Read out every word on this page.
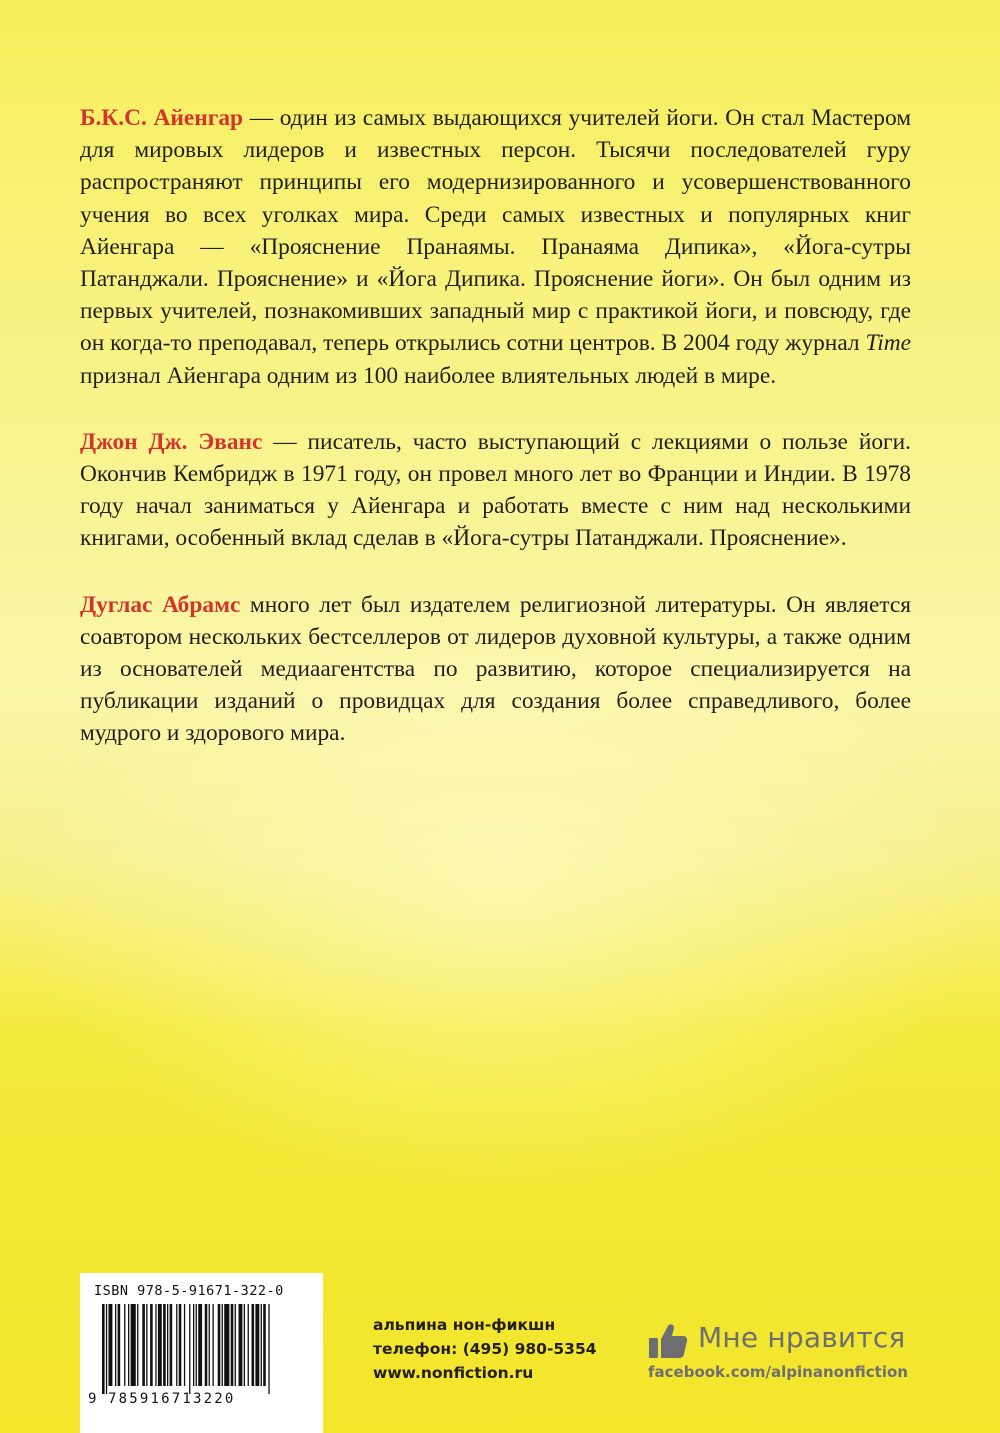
Б.К.С. Айенгар — один из самых выдающихся учителей йоги. Он стал Мастером для мировых лидеров и известных персон. Тысячи последователей гуру распространяют принципы его модернизированного и усовершенствованного учения во всех уголках мира. Среди самых известных и популярных книг Айенгара — «Прояснение Пранаямы. Пранаяма Дипика», «Йога-сутры Патанджали. Прояснение» и «Йога Дипика. Прояснение йоги». Он был одним из первых учителей, познакомивших западный мир с практикой йоги, и повсюду, где он когда-то преподавал, теперь открылись сотни центров. В 2004 году журнал Time признал Айенгара одним из 100 наиболее влиятельных людей в мире.

Джон Дж. Эванс — писатель, часто выступающий с лекциями о пользе йоги. Окончив Кембридж в 1971 году, он провел много лет во Франции и Индии. В 1978 году начал заниматься у Айенгара и работать вместе с ним над несколькими книгами, особенный вклад сделав в «Йога-сутры Патанджали. Прояснение».

Дуглас Абрамс много лет был издателем религиозной литературы. Он является соавтором нескольких бестселлеров от лидеров духовной культуры, а также одним из основателей медиаагентства по развитию, которое специализируется на публикации изданий о провидцах для создания более справедливого, более мудрого и здорового мира.

ISBN 978-5-91671-322-0
9 785916713220
альпина нон-фикшн
телефон: (495) 980-5354
www.nonfiction.ru
Мне нравится
facebook.com/alpinanonfiction
